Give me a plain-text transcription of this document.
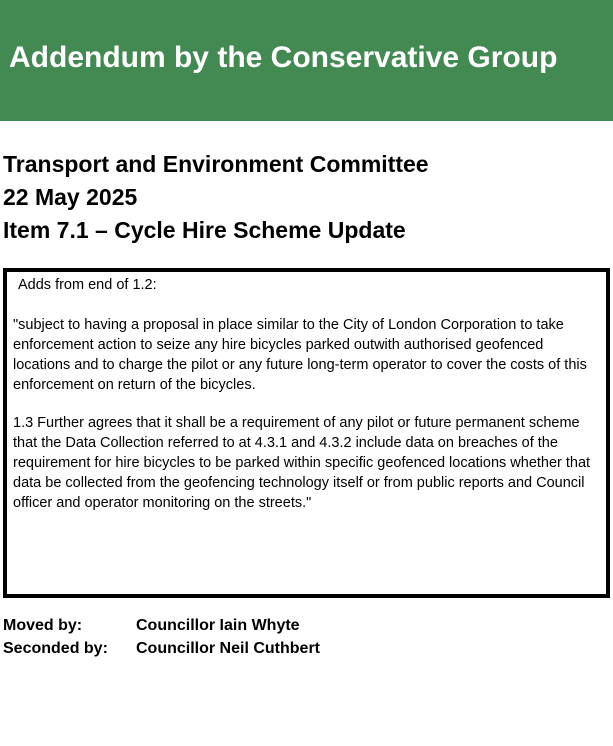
Addendum by the Conservative Group
Transport and Environment Committee
22 May 2025
Item 7.1 – Cycle Hire Scheme Update
Adds from end of 1.2:

"subject to having a proposal in place similar to the City of London Corporation to take enforcement action to seize any hire bicycles parked outwith authorised geofenced locations and to charge the pilot or any future long-term operator to cover the costs of this enforcement on return of the bicycles.

1.3 Further agrees that it shall be a requirement of any pilot or future permanent scheme that the Data Collection referred to at 4.3.1 and 4.3.2 include data on breaches of the requirement for hire bicycles to be parked within specific geofenced locations whether that data be collected from the geofencing technology itself or from public reports and Council officer and operator monitoring on the streets."

Moved by:	Councillor Iain Whyte
Seconded by: Councillor Neil Cuthbert
